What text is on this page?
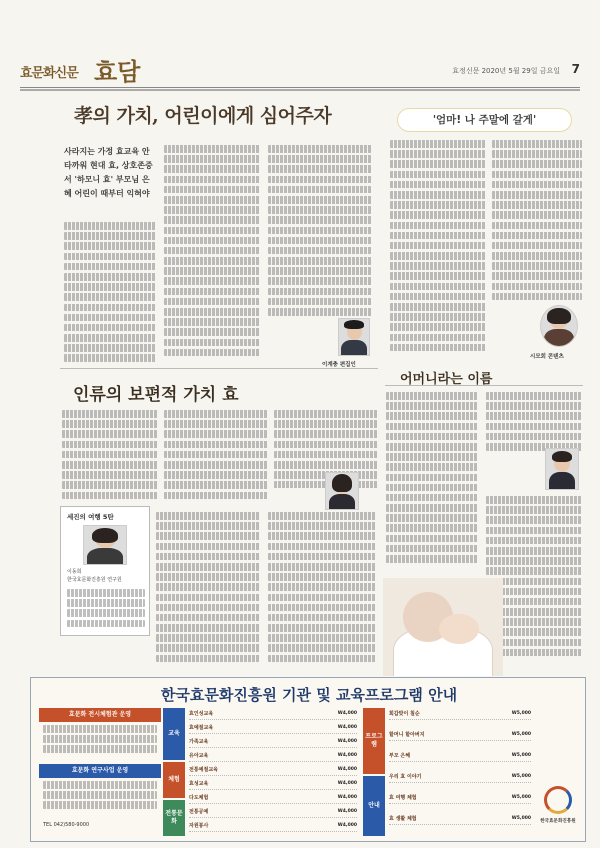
효문화신문 효담	효정신문 2020년 5월 29일 금요일 7
孝의 가치, 어린이에게 심어주자
사라지는 가정 효교육 안타까워 현대 효, 상호존중서 '하모니 효' 부모님 은혜 어린이 때부터 익혀야
이계충 편집인
'엄마! 나 주말에 갈게'
시모회 콘텐츠
인류의 보편적 가치 효
세진의 여행 5탄
이동희
한국효문화진흥원 연구원
어머니라는 이름
한국효문화진흥원 기관 및 교육프로그램 안내
효문화 전시체험관 운영
효문화 연구사업 운영
TEL 042)580-9000
교육
체험
전통문화
효인성교육	W4,000
효예절교육	W4,000
가족교육	W4,000
유아교육	W4,000
전통예절교육	W4,000
효성교육	W4,000
다도체험	W4,000
전통공예	W4,000
자원봉사	W4,000
프로그램
안내
회갑맞이 칠순	W5,000
할머니 할아버지	W5,000
부모 은혜	W5,000
우리 효 이야기	W5,000
효 여행 체험	W5,000
효 생활 체험	W5,000
한국효문화진흥원
